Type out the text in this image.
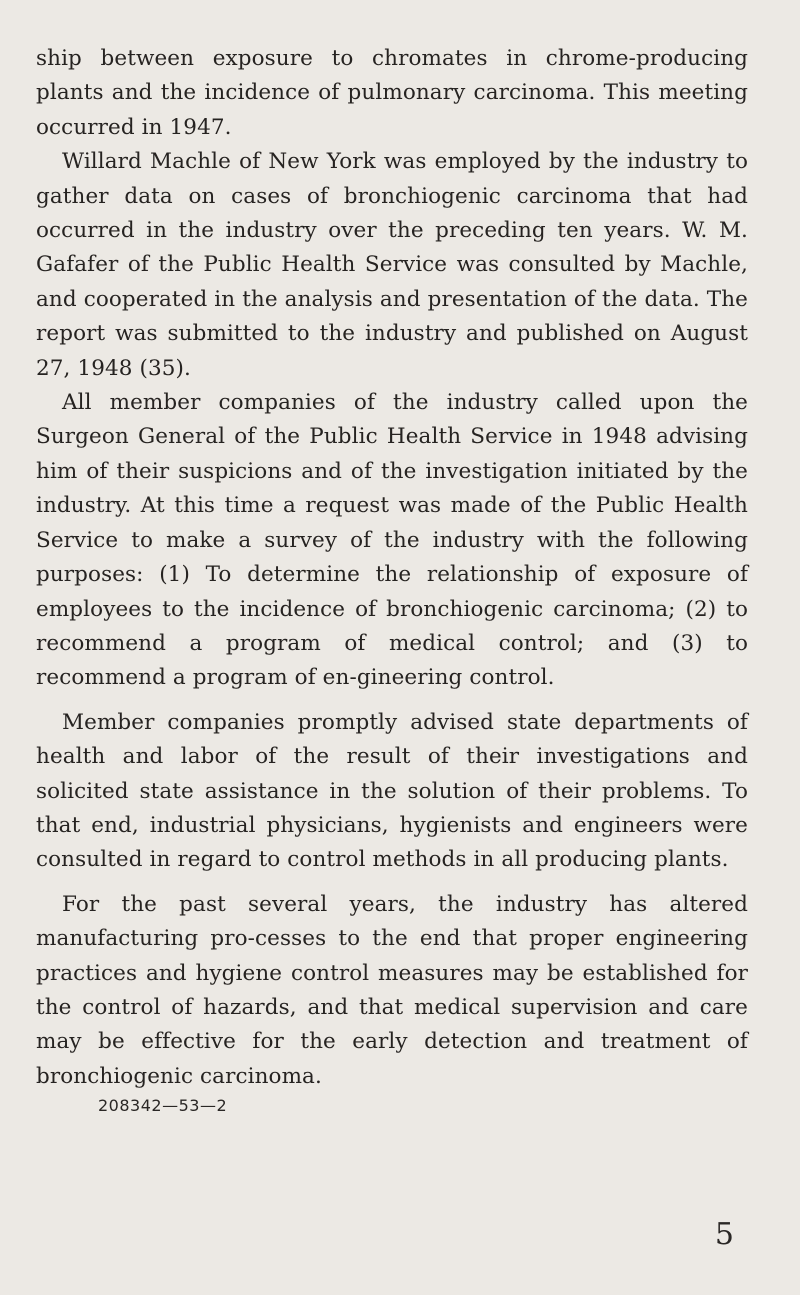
ship between exposure to chromates in chrome-producing plants and the incidence of pulmonary carcinoma. This meeting occurred in 1947.

Willard Machle of New York was employed by the industry to gather data on cases of bronchiogenic carcinoma that had occurred in the industry over the preceding ten years. W. M. Gafafer of the Public Health Service was consulted by Machle, and cooperated in the analysis and presentation of the data. The report was submitted to the industry and published on August 27, 1948 (35).

All member companies of the industry called upon the Surgeon General of the Public Health Service in 1948 advising him of their suspicions and of the investigation initiated by the industry. At this time a request was made of the Public Health Service to make a survey of the industry with the following purposes: (1) To determine the relationship of exposure of employees to the incidence of bronchiogenic carcinoma; (2) to recommend a program of medical control; and (3) to recommend a program of en-gineering control.

Member companies promptly advised state departments of health and labor of the result of their investigations and solicited state assistance in the solution of their problems. To that end, industrial physicians, hygienists and engineers were consulted in regard to control methods in all producing plants.

For the past several years, the industry has altered manufacturing pro-cesses to the end that proper engineering practices and hygiene control measures may be established for the control of hazards, and that medical supervision and care may be effective for the early detection and treatment of bronchiogenic carcinoma.

208342—53—2

5
